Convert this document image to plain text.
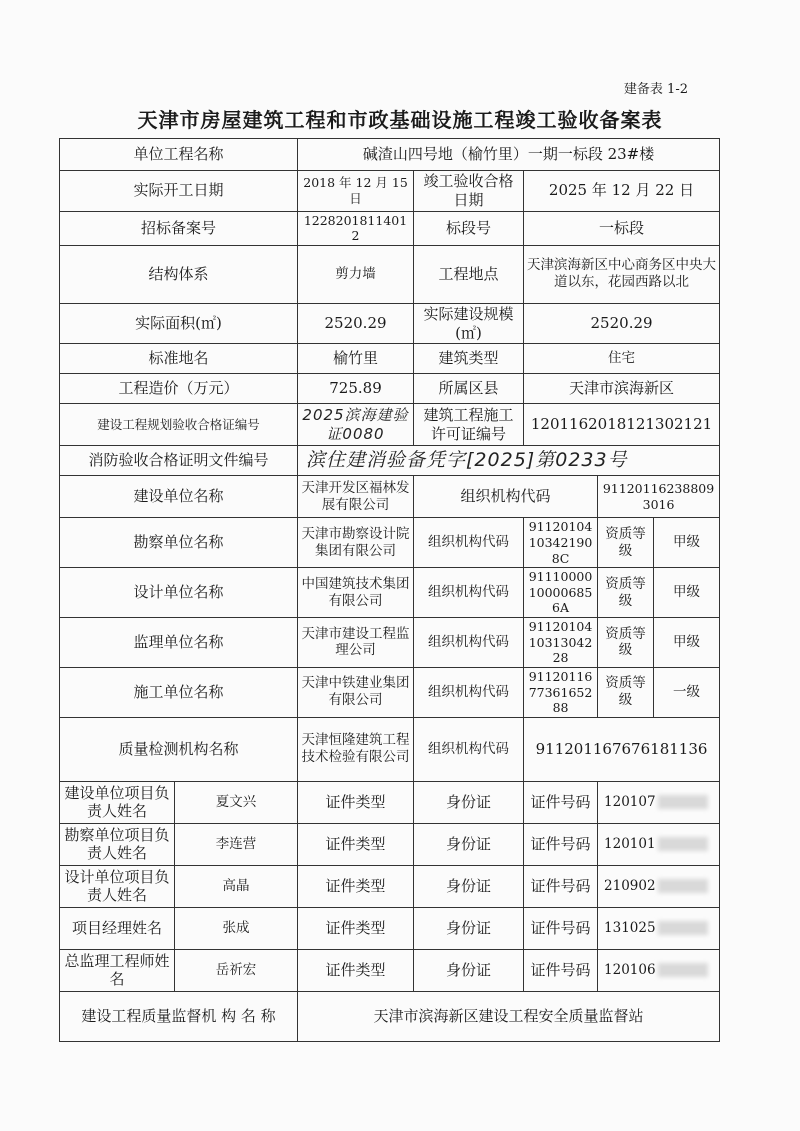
建备表 1-2
天津市房屋建筑工程和市政基础设施工程竣工验收备案表
单位工程名称		碱渣山四号地（榆竹里）一期一标段 23#楼				
实际开工日期		2018 年 12 月 15 日	竣工验收合格日期	2025 年 12 月 22 日		
招标备案号		12282018114012	标段号	一标段		
结构体系		剪力墙	工程地点	天津滨海新区中心商务区中央大道以东，花园西路以北		
实际面积(㎡)		2520.29	实际建设规模(㎡)	2520.29		
标准地名		榆竹里	建筑类型	住宅		
工程造价（万元）		725.89	所属区县	天津市滨海新区		
建设工程规划验收合格证编号		2025滨海建验证0080	建筑工程施工许可证编号	1201162018121302121		
消防验收合格证明文件编号		滨住建消验备凭字[2025]第0233号				
建设单位名称		天津开发区福林发展有限公司	组织机构代码		911201162388093016	
勘察单位名称		天津市勘察设计院集团有限公司	组织机构代码	91120104103421908C	资质等级	甲级
设计单位名称		中国建筑技术集团有限公司	组织机构代码	91110000100006856A	资质等级	甲级
监理单位名称		天津市建设工程监理公司	组织机构代码	911201041031304228	资质等级	甲级
施工单位名称		天津中铁建业集团有限公司	组织机构代码	911201167736165288	资质等级	一级
质量检测机构名称		天津恒隆建筑工程技术检验有限公司	组织机构代码	911201167676181136		
建设单位项目负责人姓名	夏文兴	证件类型	身份证	证件号码	120107	
勘察单位项目负责人姓名	李连营	证件类型	身份证	证件号码	120101	
设计单位项目负责人姓名	高晶	证件类型	身份证	证件号码	210902	
项目经理姓名	张成	证件类型	身份证	证件号码	131025	
总监理工程师姓名	岳祈宏	证件类型	身份证	证件号码	120106	
建设工程质量监督机 构 名 称		天津市滨海新区建设工程安全质量监督站				
